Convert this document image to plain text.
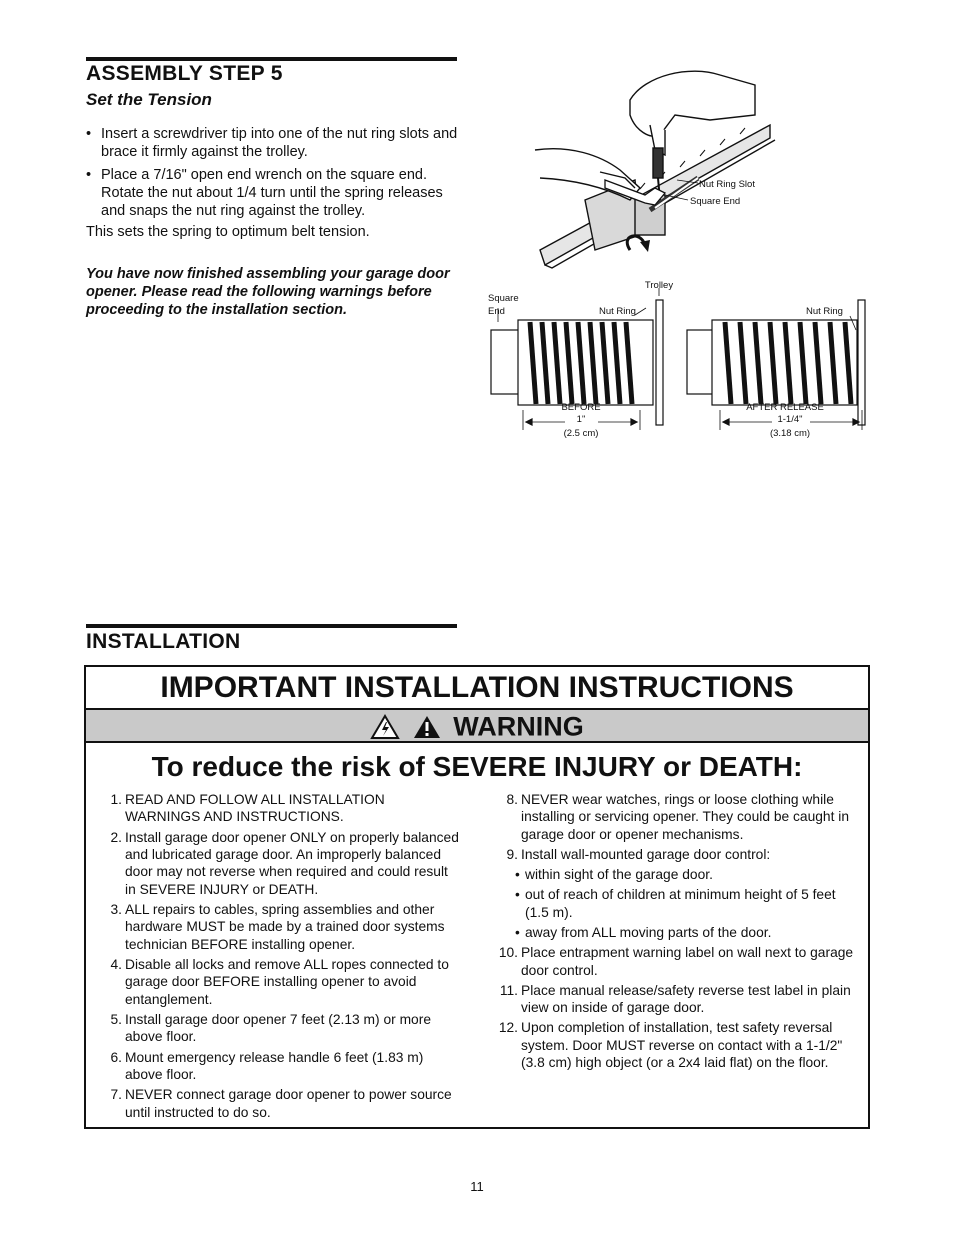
ASSEMBLY STEP 5
Set the Tension
• Insert a screwdriver tip into one of the nut ring slots and brace it firmly against the trolley.
• Place a 7/16" open end wrench on the square end. Rotate the nut about 1/4 turn until the spring releases and snaps the nut ring against the trolley.

This sets the spring to optimum belt tension.

You have now finished assembling your garage door opener. Please read the following warnings before proceeding to the installation section.

Nut Ring Slot
Square End
Trolley
Square
End	Nut Ring
BEFORE
1"
(2.5 cm)
Nut Ring
AFTER RELEASE
1-1/4"
(3.18 cm)
INSTALLATION
IMPORTANT INSTALLATION INSTRUCTIONS
WARNING
To reduce the risk of SEVERE INJURY or DEATH:
1. READ AND FOLLOW ALL INSTALLATION WARNINGS AND INSTRUCTIONS.
2. Install garage door opener ONLY on properly balanced and lubricated garage door. An improperly balanced door may not reverse when required and could result in SEVERE INJURY or DEATH.
3. ALL repairs to cables, spring assemblies and other hardware MUST be made by a trained door systems technician BEFORE installing opener.
4. Disable all locks and remove ALL ropes connected to garage door BEFORE installing opener to avoid entanglement.
5. Install garage door opener 7 feet (2.13 m) or more above floor.
6. Mount emergency release handle 6 feet (1.83 m) above floor.
7. NEVER connect garage door opener to power source until instructed to do so.
8. NEVER wear watches, rings or loose clothing while installing or servicing opener. They could be caught in garage door or opener mechanisms.
9. Install wall-mounted garage door control:
• within sight of the garage door.
• out of reach of children at minimum height of 5 feet (1.5 m).
• away from ALL moving parts of the door.
10. Place entrapment warning label on wall next to garage door control.
11. Place manual release/safety reverse test label in plain view on inside of garage door.
12. Upon completion of installation, test safety reversal system. Door MUST reverse on contact with a 1-1/2" (3.8 cm) high object (or a 2x4 laid flat) on the floor.
11
